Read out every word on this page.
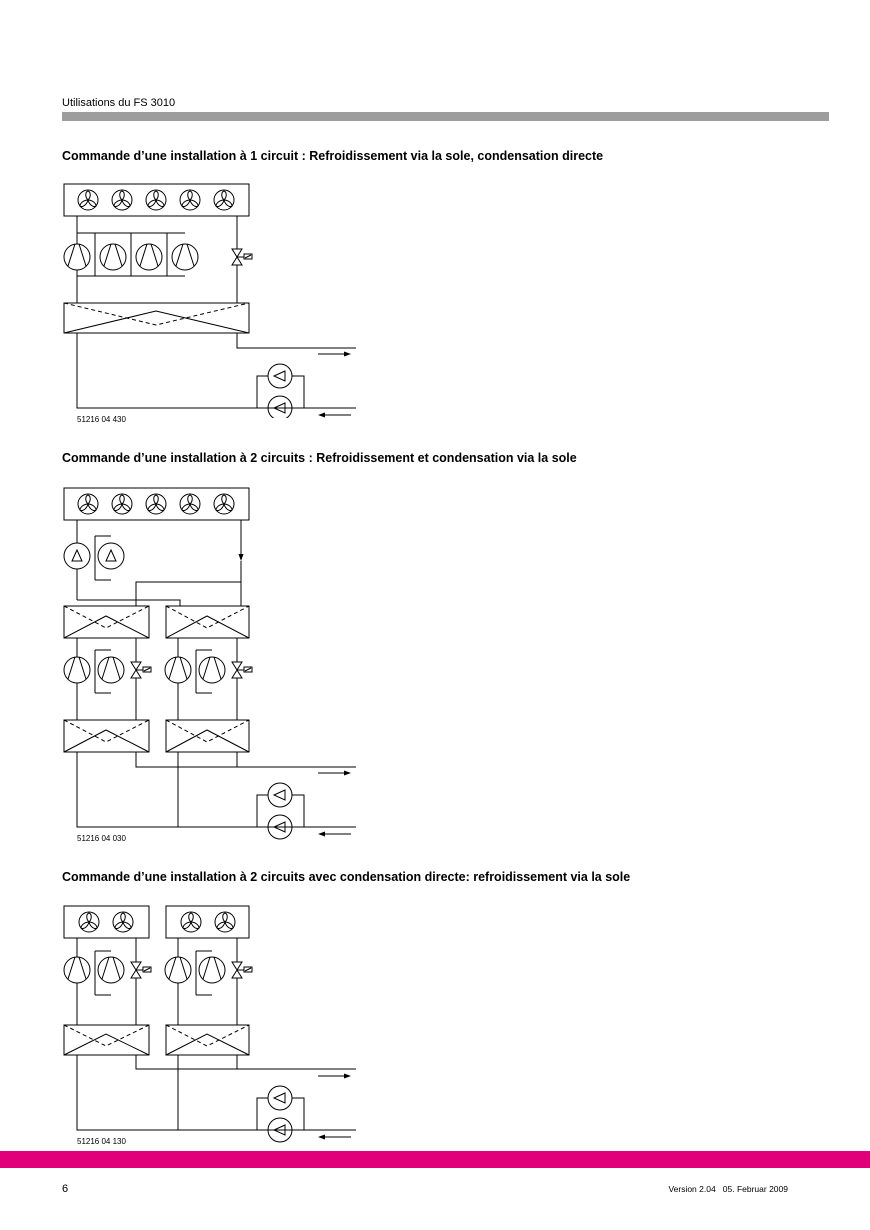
Utilisations du FS 3010
Commande d’une installation à 1 circuit : Refroidissement via la sole, condensation directe
51216 04 430
Commande d’une installation à 2 circuits : Refroidissement et condensation via la sole
51216 04 030
Commande d’une installation à 2 circuits avec condensation directe: refroidissement via la sole
51216 04 130
6	Version 2.04   05. Februar 2009
